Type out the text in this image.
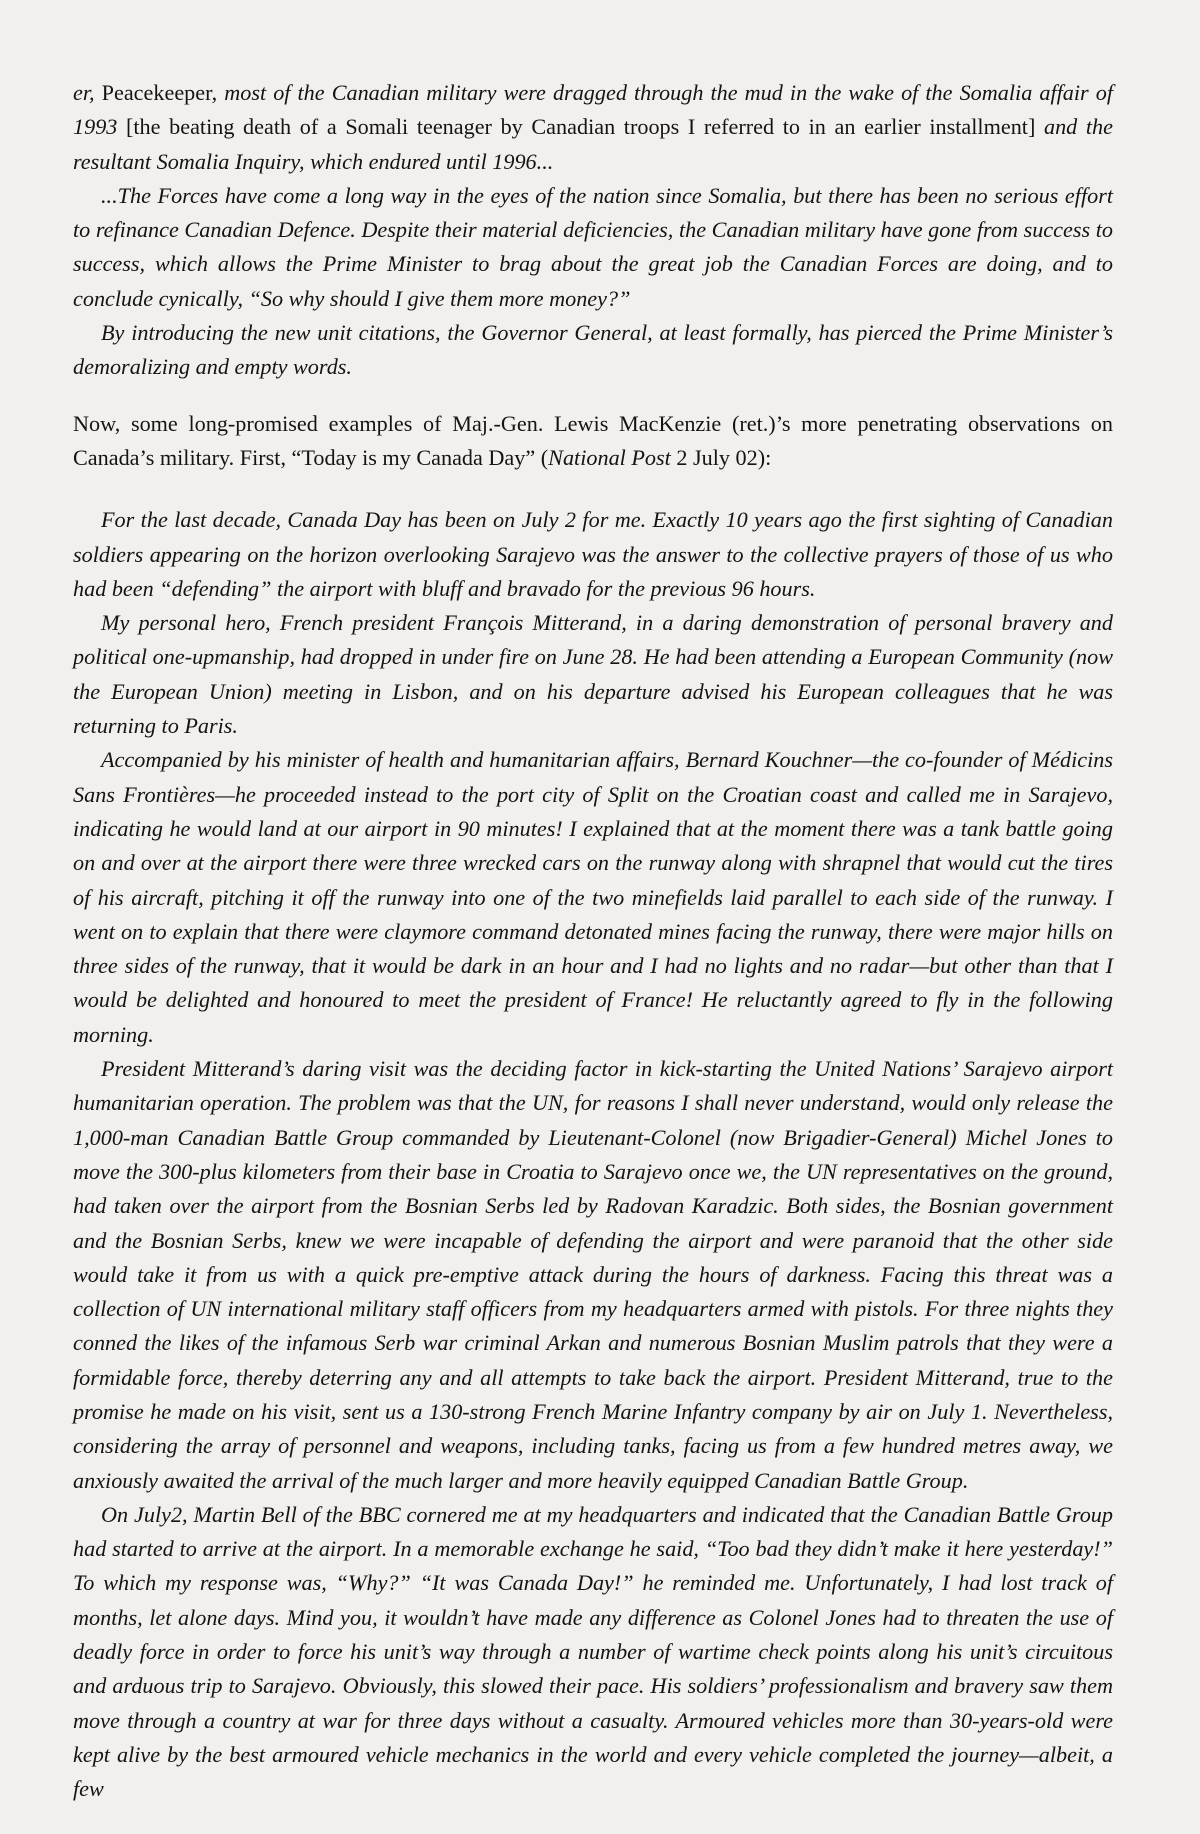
er, Peacekeeper, most of the Canadian military were dragged through the mud in the wake of the Somalia affair of 1993 [the beating death of a Somali teenager by Canadian troops I referred to in an earlier installment] and the resultant Somalia Inquiry, which endured until 1996...

...The Forces have come a long way in the eyes of the nation since Somalia, but there has been no serious effort to refinance Canadian Defence. Despite their material deficiencies, the Canadian military have gone from success to success, which allows the Prime Minister to brag about the great job the Canadian Forces are doing, and to conclude cynically, “So why should I give them more money?”

By introducing the new unit citations, the Governor General, at least formally, has pierced the Prime Minister’s demoralizing and empty words.

Now, some long-promised examples of Maj.-Gen. Lewis MacKenzie (ret.)’s more penetrating observations on Canada’s military. First, “Today is my Canada Day” (National Post 2 July 02):

For the last decade, Canada Day has been on July 2 for me. Exactly 10 years ago the first sighting of Canadian soldiers appearing on the horizon overlooking Sarajevo was the answer to the collective prayers of those of us who had been “defending” the airport with bluff and bravado for the previous 96 hours.

My personal hero, French president François Mitterand, in a daring demonstration of personal bravery and political one-upmanship, had dropped in under fire on June 28. He had been attending a European Community (now the European Union) meeting in Lisbon, and on his departure advised his European colleagues that he was returning to Paris.

Accompanied by his minister of health and humanitarian affairs, Bernard Kouchner—the co-founder of Médicins Sans Frontières—he proceeded instead to the port city of Split on the Croatian coast and called me in Sarajevo, indicating he would land at our airport in 90 minutes! I explained that at the moment there was a tank battle going on and over at the airport there were three wrecked cars on the runway along with shrapnel that would cut the tires of his aircraft, pitching it off the runway into one of the two minefields laid parallel to each side of the runway. I went on to explain that there were claymore command detonated mines facing the runway, there were major hills on three sides of the runway, that it would be dark in an hour and I had no lights and no radar—but other than that I would be delighted and honoured to meet the president of France! He reluctantly agreed to fly in the following morning.

President Mitterand’s daring visit was the deciding factor in kick-starting the United Nations’ Sarajevo airport humanitarian operation. The problem was that the UN, for reasons I shall never understand, would only release the 1,000-man Canadian Battle Group commanded by Lieutenant-Colonel (now Brigadier-General) Michel Jones to move the 300-plus kilometers from their base in Croatia to Sarajevo once we, the UN representatives on the ground, had taken over the airport from the Bosnian Serbs led by Radovan Karadzic. Both sides, the Bosnian government and the Bosnian Serbs, knew we were incapable of defending the airport and were paranoid that the other side would take it from us with a quick pre-emptive attack during the hours of darkness. Facing this threat was a collection of UN international military staff officers from my headquarters armed with pistols. For three nights they conned the likes of the infamous Serb war criminal Arkan and numerous Bosnian Muslim patrols that they were a formidable force, thereby deterring any and all attempts to take back the airport. President Mitterand, true to the promise he made on his visit, sent us a 130-strong French Marine Infantry company by air on July 1. Nevertheless, considering the array of personnel and weapons, including tanks, facing us from a few hundred metres away, we anxiously awaited the arrival of the much larger and more heavily equipped Canadian Battle Group.

On July2, Martin Bell of the BBC cornered me at my headquarters and indicated that the Canadian Battle Group had started to arrive at the airport. In a memorable exchange he said, “Too bad they didn’t make it here yesterday!” To which my response was, “Why?” “It was Canada Day!” he reminded me. Unfortunately, I had lost track of months, let alone days. Mind you, it wouldn’t have made any difference as Colonel Jones had to threaten the use of deadly force in order to force his unit’s way through a number of wartime check points along his unit’s circuitous and arduous trip to Sarajevo. Obviously, this slowed their pace. His soldiers’ professionalism and bravery saw them move through a country at war for three days without a casualty. Armoured vehicles more than 30-years-old were kept alive by the best armoured vehicle mechanics in the world and every vehicle completed the journey—albeit, a few
